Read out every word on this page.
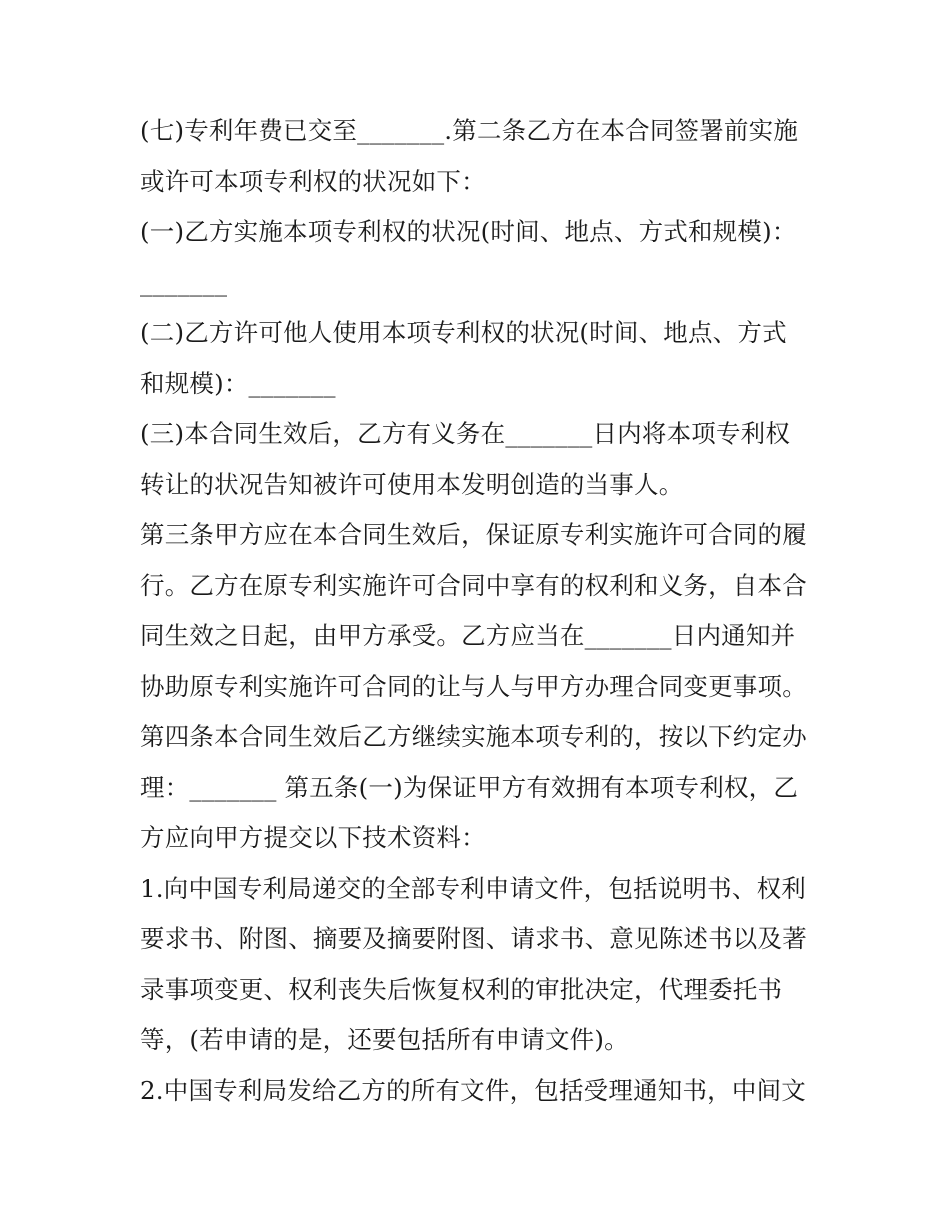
(七)专利年费已交至_______.第二条乙方在本合同签署前实施
或许可本项专利权的状况如下：
(一)乙方实施本项专利权的状况(时间、地点、方式和规模)：
_______
(二)乙方许可他人使用本项专利权的状况(时间、地点、方式
和规模)：_______
(三)本合同生效后，乙方有义务在_______日内将本项专利权
转让的状况告知被许可使用本发明创造的当事人。
第三条甲方应在本合同生效后，保证原专利实施许可合同的履
行。乙方在原专利实施许可合同中享有的权利和义务，自本合
同生效之日起，由甲方承受。乙方应当在_______日内通知并
协助原专利实施许可合同的让与人与甲方办理合同变更事项。
第四条本合同生效后乙方继续实施本项专利的，按以下约定办
理：_______ 第五条(一)为保证甲方有效拥有本项专利权，乙
方应向甲方提交以下技术资料：
1.向中国专利局递交的全部专利申请文件，包括说明书、权利
要求书、附图、摘要及摘要附图、请求书、意见陈述书以及著
录事项变更、权利丧失后恢复权利的审批决定，代理委托书
等，(若申请的是，还要包括所有申请文件)。
2.中国专利局发给乙方的所有文件，包括受理通知书，中间文
